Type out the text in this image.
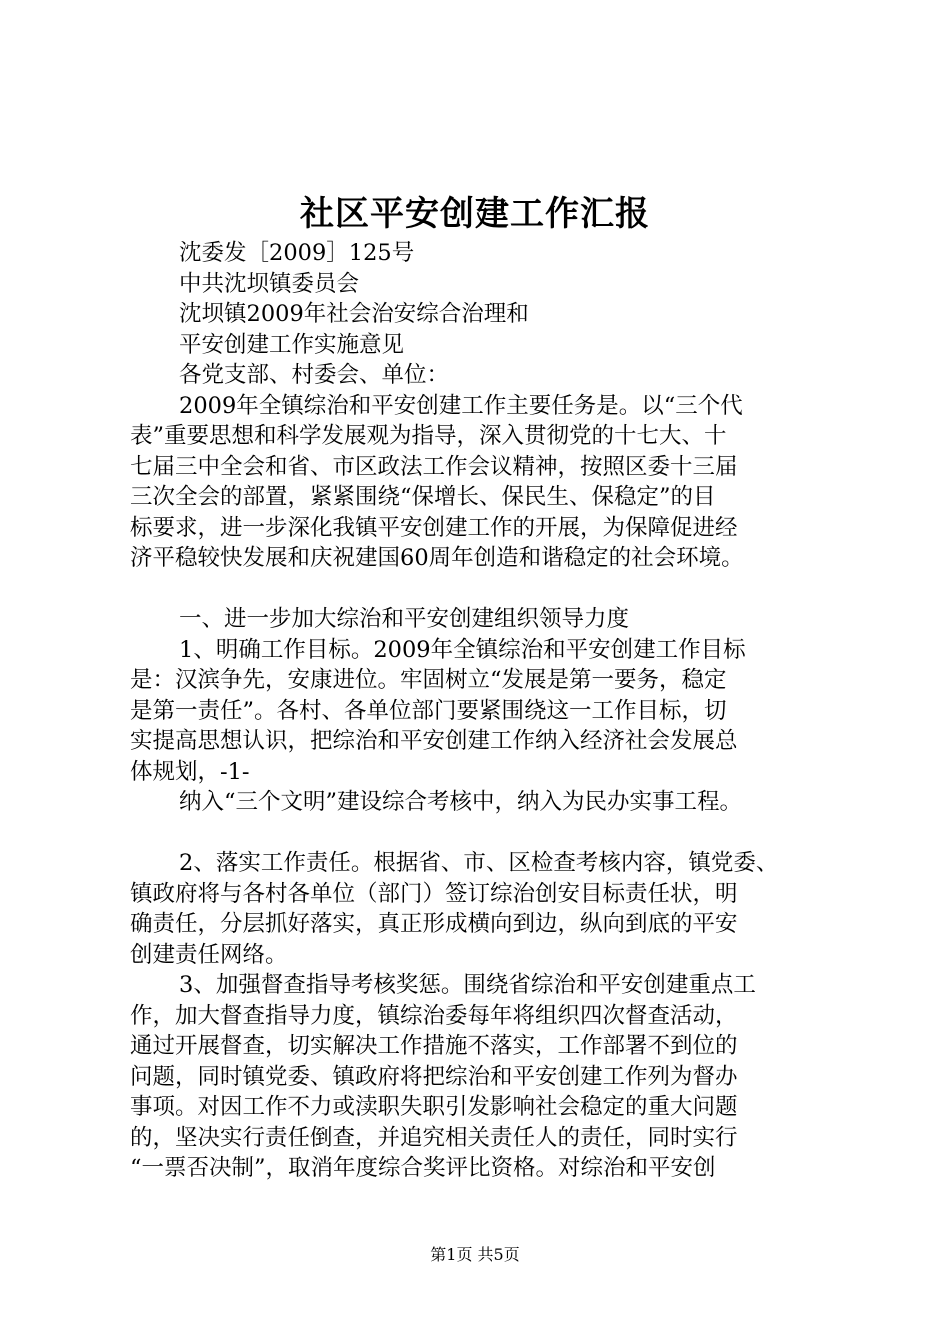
社区平安创建工作汇报
沈委发［2009］125号
中共沈坝镇委员会
沈坝镇2009年社会治安综合治理和
平安创建工作实施意见
各党支部、村委会、单位：
2009年全镇综治和平安创建工作主要任务是。以“三个代
表”重要思想和科学发展观为指导，深入贯彻党的十七大、十
七届三中全会和省、市区政法工作会议精神，按照区委十三届
三次全会的部置，紧紧围绕“保增长、保民生、保稳定”的目
标要求，进一步深化我镇平安创建工作的开展，为保障促进经
济平稳较快发展和庆祝建国60周年创造和谐稳定的社会环境。
一、进一步加大综治和平安创建组织领导力度
1、明确工作目标。2009年全镇综治和平安创建工作目标
是：汉滨争先，安康进位。牢固树立“发展是第一要务，稳定
是第一责任”。各村、各单位部门要紧围绕这一工作目标，切
实提高思想认识，把综治和平安创建工作纳入经济社会发展总
体规划，-1-
纳入“三个文明”建设综合考核中，纳入为民办实事工程。
2、落实工作责任。根据省、市、区检查考核内容，镇党委、
镇政府将与各村各单位（部门）签订综治创安目标责任状，明
确责任，分层抓好落实，真正形成横向到边，纵向到底的平安
创建责任网络。
3、加强督查指导考核奖惩。围绕省综治和平安创建重点工
作，加大督查指导力度，镇综治委每年将组织四次督查活动，
通过开展督查，切实解决工作措施不落实，工作部署不到位的
问题，同时镇党委、镇政府将把综治和平安创建工作列为督办
事项。对因工作不力或渎职失职引发影响社会稳定的重大问题
的，坚决实行责任倒查，并追究相关责任人的责任，同时实行
“一票否决制”，取消年度综合奖评比资格。对综治和平安创
第1页 共5页
